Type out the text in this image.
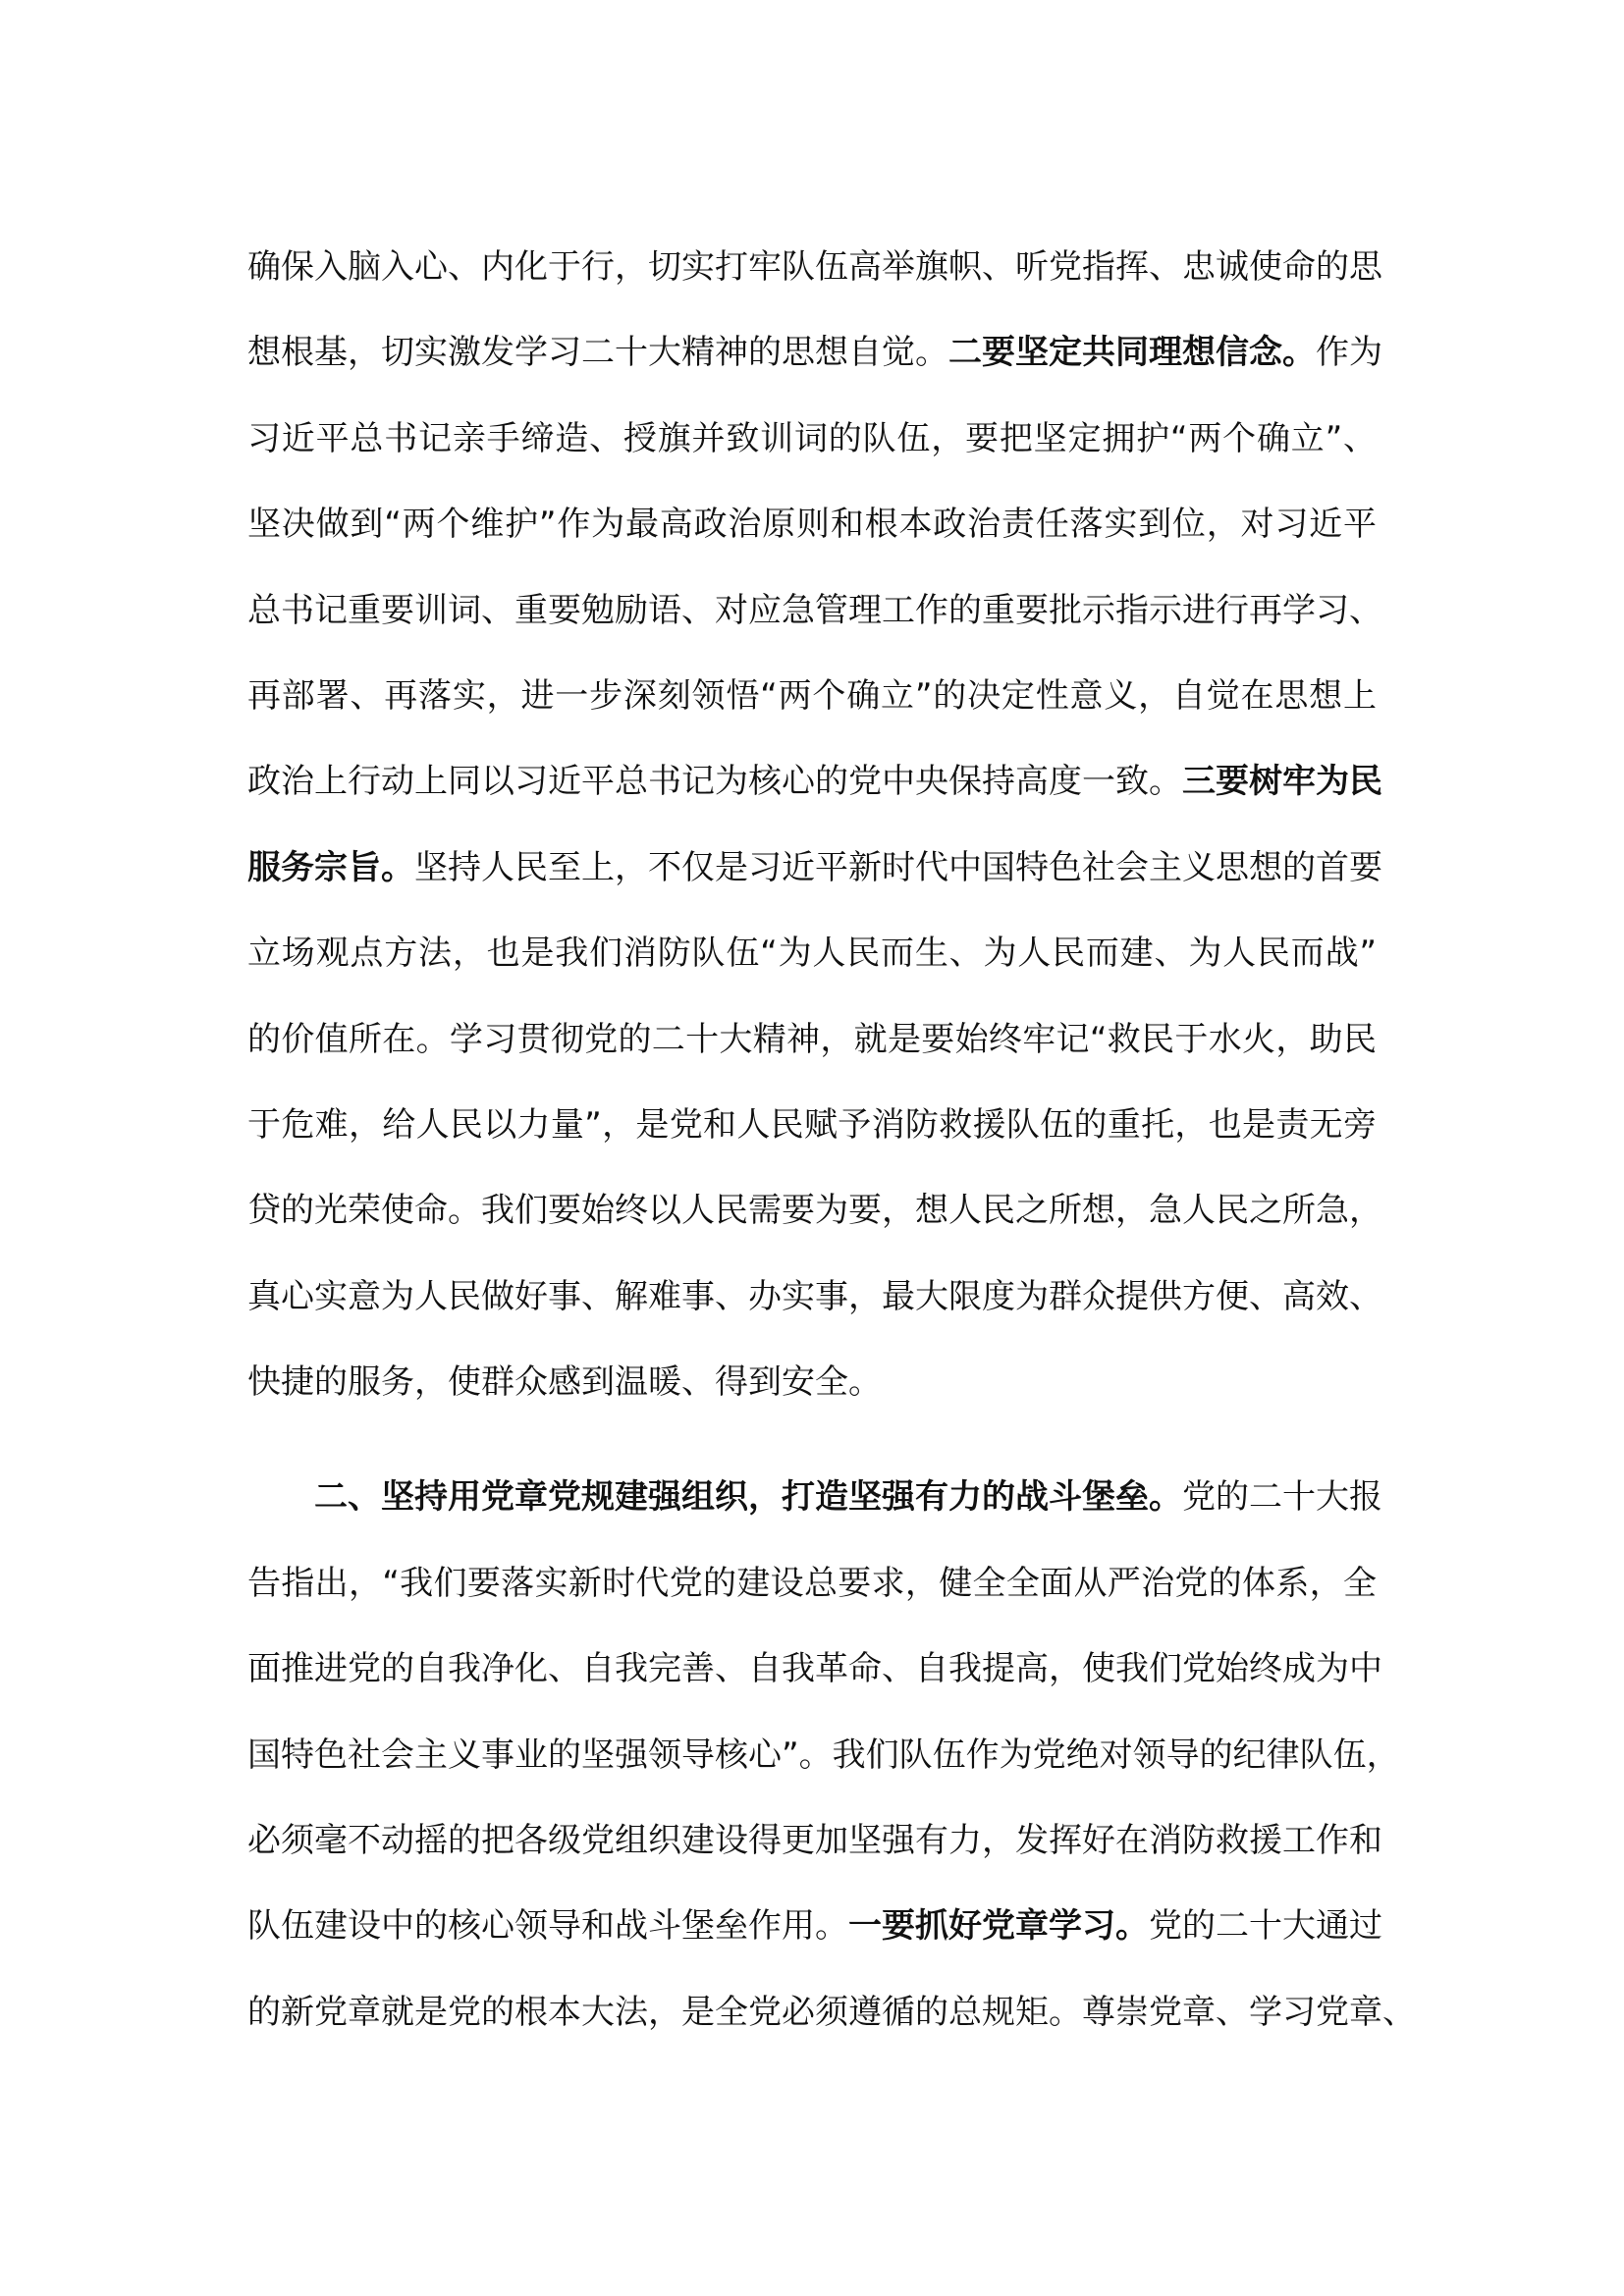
确保入脑入心、内化于行，切实打牢队伍高举旗帜、听党指挥、忠诚使命的思
想根基，切实激发学习二十大精神的思想自觉。二要坚定共同理想信念。作为
习近平总书记亲手缔造、授旗并致训词的队伍，要把坚定拥护“两个确立”、
坚决做到“两个维护”作为最高政治原则和根本政治责任落实到位，对习近平
总书记重要训词、重要勉励语、对应急管理工作的重要批示指示进行再学习、
再部署、再落实，进一步深刻领悟“两个确立”的决定性意义，自觉在思想上
政治上行动上同以习近平总书记为核心的党中央保持高度一致。三要树牢为民
服务宗旨。坚持人民至上，不仅是习近平新时代中国特色社会主义思想的首要
立场观点方法，也是我们消防队伍“为人民而生、为人民而建、为人民而战”
的价值所在。学习贯彻党的二十大精神，就是要始终牢记“救民于水火，助民
于危难，给人民以力量”，是党和人民赋予消防救援队伍的重托，也是责无旁
贷的光荣使命。我们要始终以人民需要为要，想人民之所想，急人民之所急，
真心实意为人民做好事、解难事、办实事，最大限度为群众提供方便、高效、
快捷的服务，使群众感到温暖、得到安全。
二、坚持用党章党规建强组织，打造坚强有力的战斗堡垒。党的二十大报
告指出，“我们要落实新时代党的建设总要求，健全全面从严治党的体系，全
面推进党的自我净化、自我完善、自我革命、自我提高，使我们党始终成为中
国特色社会主义事业的坚强领导核心”。我们队伍作为党绝对领导的纪律队伍，
必须毫不动摇的把各级党组织建设得更加坚强有力，发挥好在消防救援工作和
队伍建设中的核心领导和战斗堡垒作用。一要抓好党章学习。党的二十大通过
的新党章就是党的根本大法，是全党必须遵循的总规矩。尊崇党章、学习党章、
